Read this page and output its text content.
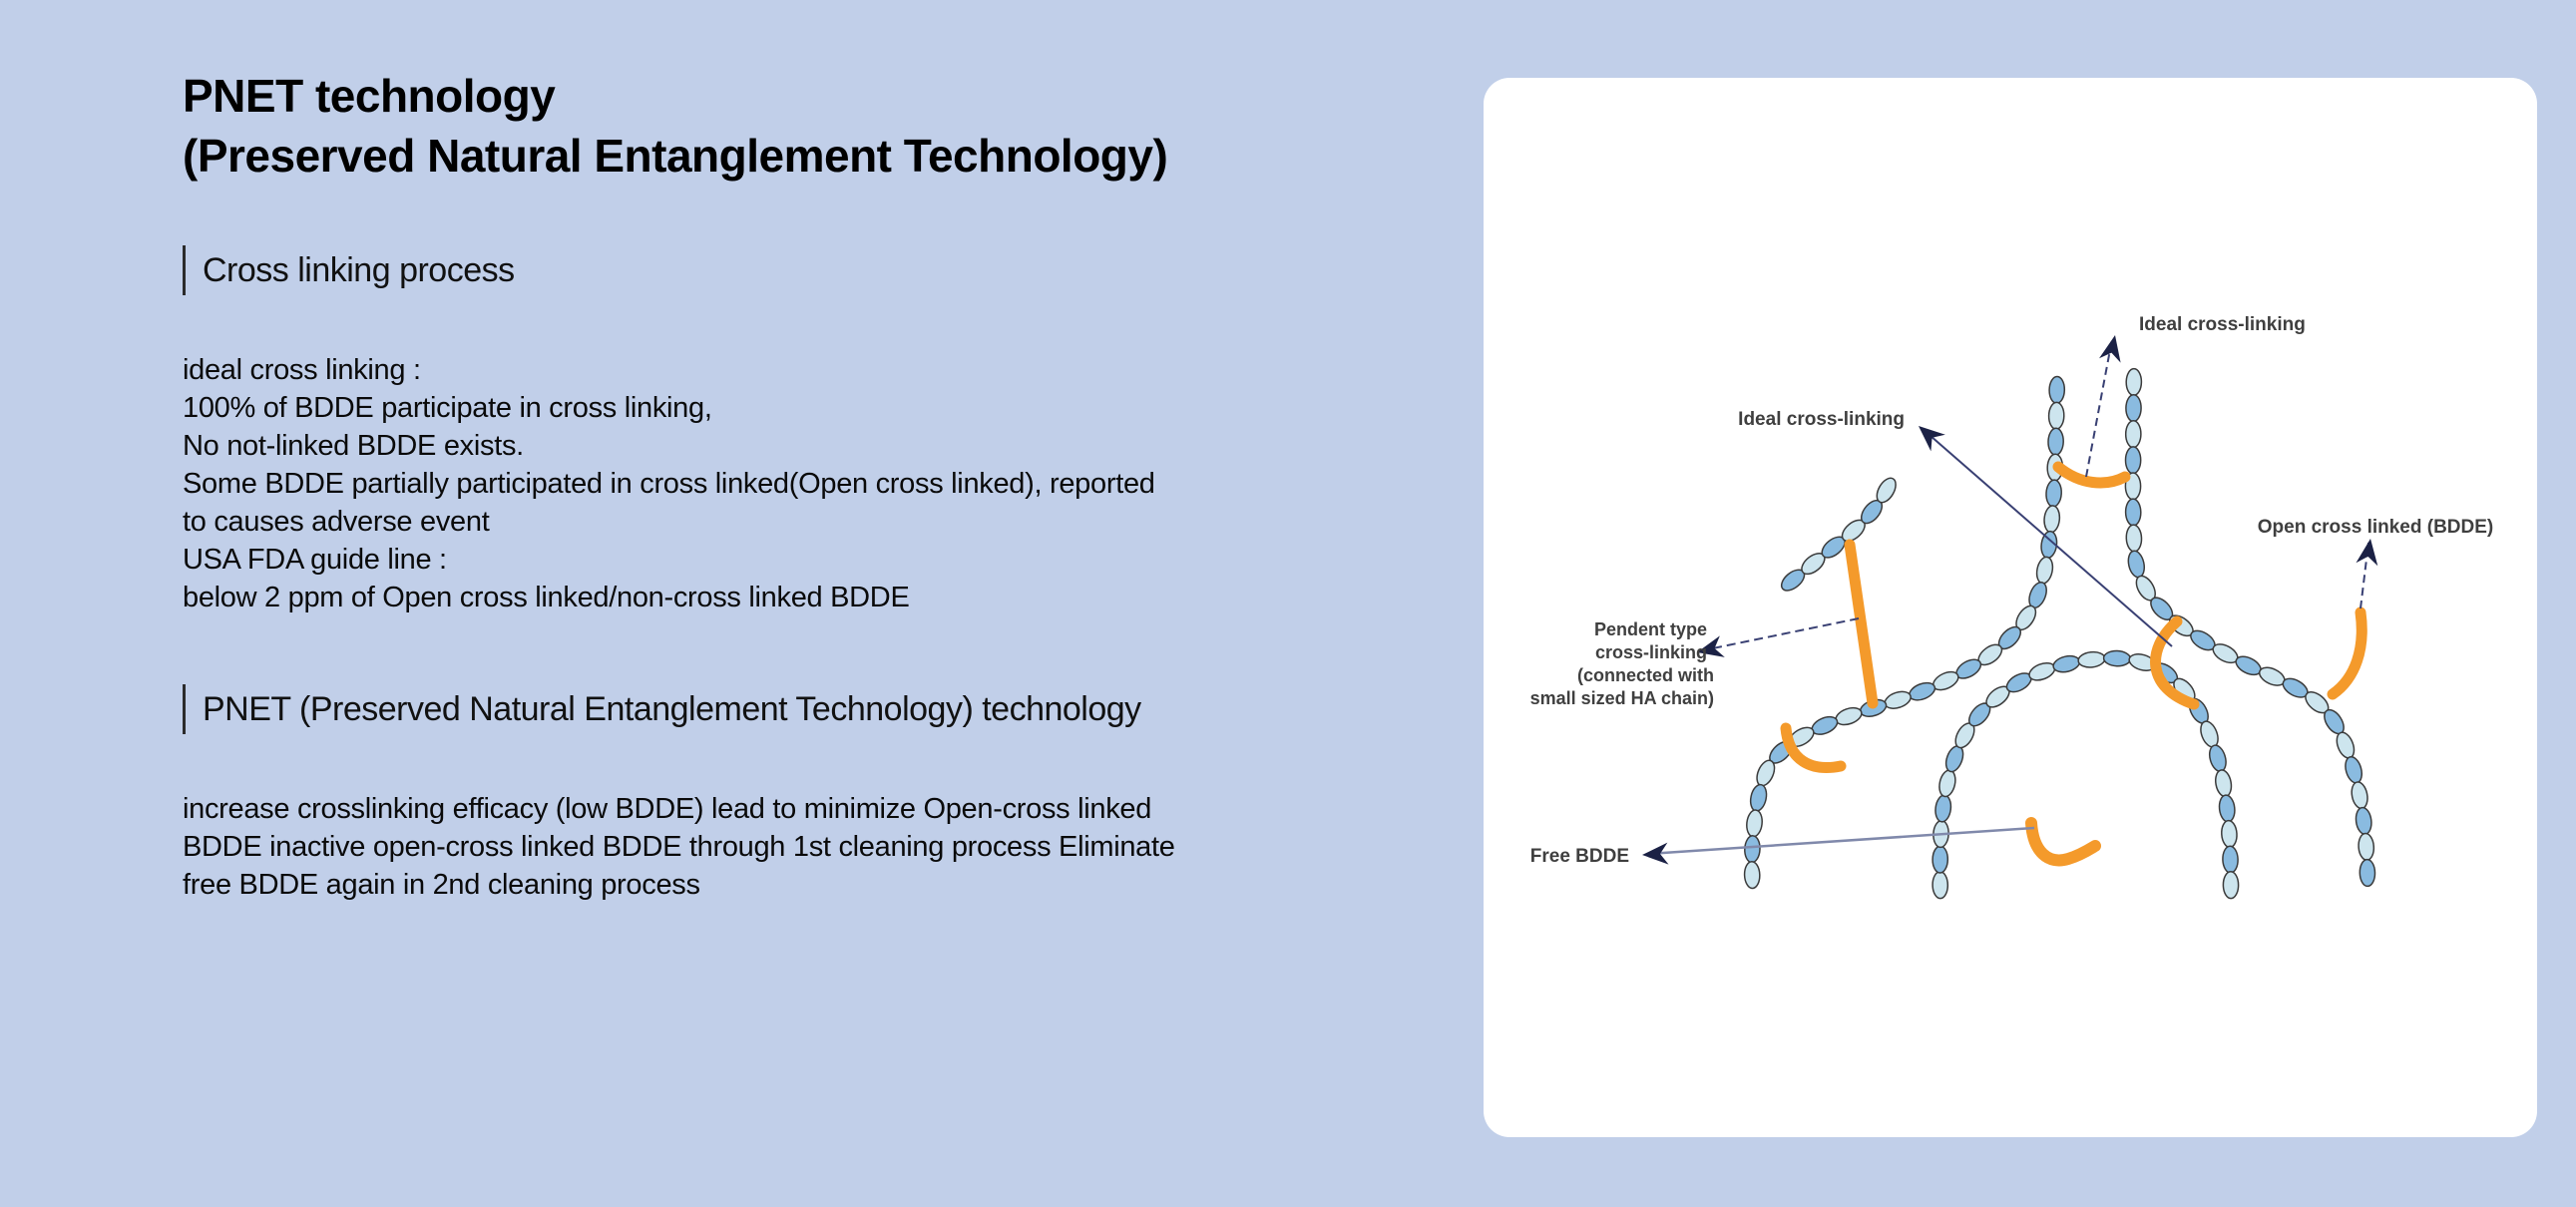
PNET technology
(Preserved Natural Entanglement Technology)
Cross linking process
ideal cross linking :
100% of BDDE participate in cross linking,
No not-linked BDDE exists.
Some BDDE partially participated in cross linked(Open cross linked), reported
to causes adverse event
USA FDA guide line :
below 2 ppm of Open cross linked/non-cross linked BDDE
PNET (Preserved Natural Entanglement Technology) technology
increase crosslinking efficacy (low BDDE) lead to minimize Open-cross linked
BDDE inactive open-cross linked BDDE through 1st cleaning process Eliminate
free BDDE again in 2nd cleaning process
Ideal cross-linking
Ideal cross-linking
Open cross linked (BDDE)
Pendent type
cross-linking
(connected with
small sized HA chain)
Free BDDE
